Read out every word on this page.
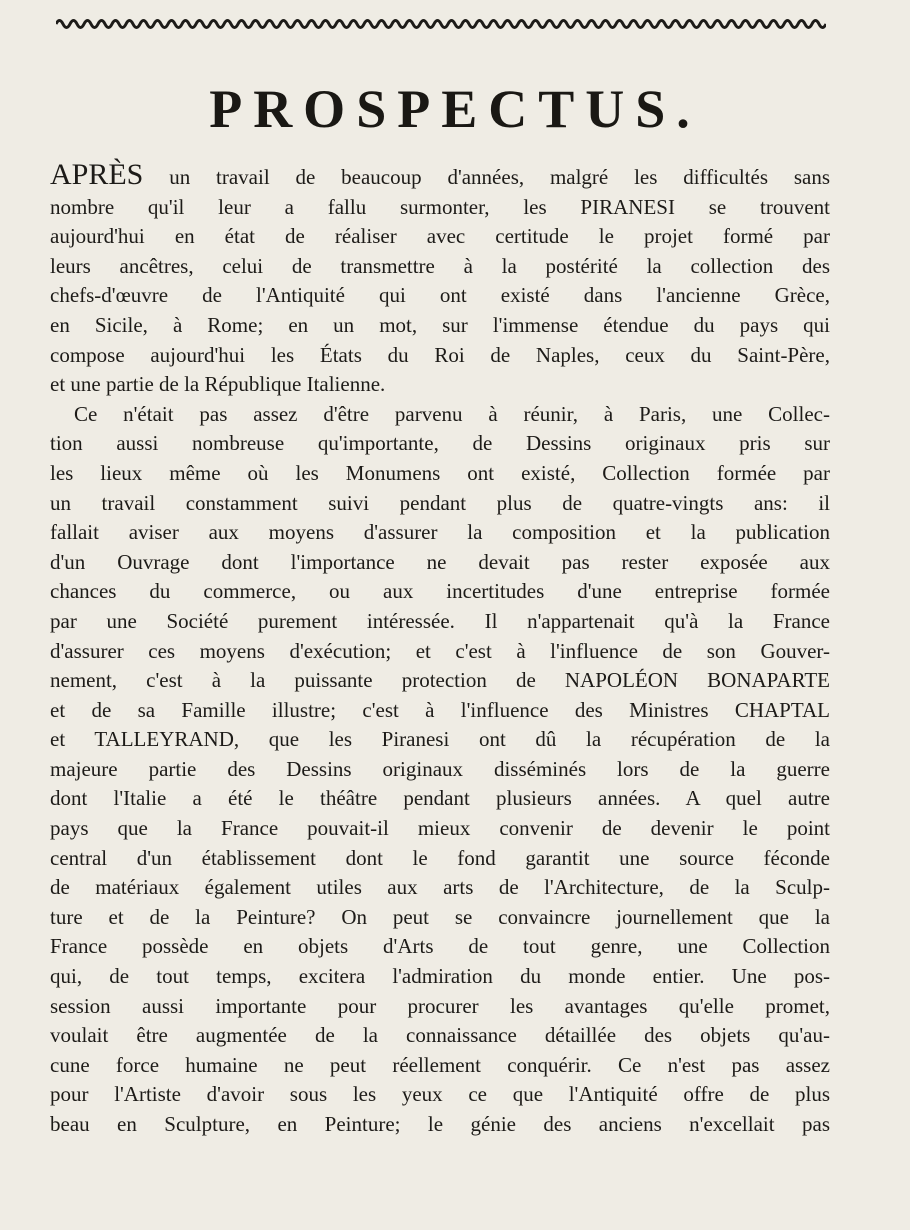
PROSPECTUS.
APRÈS un travail de beaucoup d'années, malgré les difficultés sans
nombre qu'il leur a fallu surmonter, les PIRANESI se trouvent
aujourd'hui en état de réaliser avec certitude le projet formé par
leurs ancêtres, celui de transmettre à la postérité la collection des
chefs-d'œuvre de l'Antiquité qui ont existé dans l'ancienne Grèce,
en Sicile, à Rome; en un mot, sur l'immense étendue du pays qui
compose aujourd'hui les États du Roi de Naples, ceux du Saint-Père,
et une partie de la République Italienne.
Ce n'était pas assez d'être parvenu à réunir, à Paris, une Collec-
tion aussi nombreuse qu'importante, de Dessins originaux pris sur
les lieux même où les Monumens ont existé, Collection formée par
un travail constamment suivi pendant plus de quatre-vingts ans: il
fallait aviser aux moyens d'assurer la composition et la publication
d'un Ouvrage dont l'importance ne devait pas rester exposée aux
chances du commerce, ou aux incertitudes d'une entreprise formée
par une Société purement intéressée. Il n'appartenait qu'à la France
d'assurer ces moyens d'exécution; et c'est à l'influence de son Gouver-
nement, c'est à la puissante protection de NAPOLÉON BONAPARTE
et de sa Famille illustre; c'est à l'influence des Ministres CHAPTAL
et TALLEYRAND, que les Piranesi ont dû la récupération de la
majeure partie des Dessins originaux disséminés lors de la guerre
dont l'Italie a été le théâtre pendant plusieurs années. A quel autre
pays que la France pouvait-il mieux convenir de devenir le point
central d'un établissement dont le fond garantit une source féconde
de matériaux également utiles aux arts de l'Architecture, de la Sculp-
ture et de la Peinture? On peut se convaincre journellement que la
France possède en objets d'Arts de tout genre, une Collection
qui, de tout temps, excitera l'admiration du monde entier. Une pos-
session aussi importante pour procurer les avantages qu'elle promet,
voulait être augmentée de la connaissance détaillée des objets qu'au-
cune force humaine ne peut réellement conquérir. Ce n'est pas assez
pour l'Artiste d'avoir sous les yeux ce que l'Antiquité offre de plus
beau en Sculpture, en Peinture; le génie des anciens n'excellait pas
